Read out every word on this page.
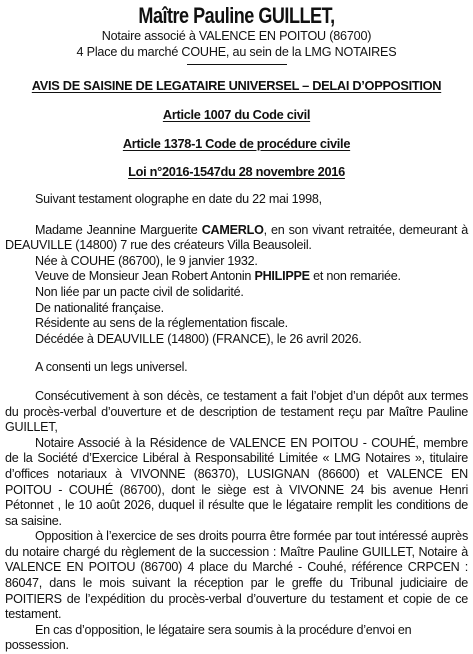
Maître Pauline GUILLET,
Notaire associé à VALENCE EN POITOU (86700)
4 Place du marché COUHE, au sein de la LMG NOTAIRES
AVIS DE SAISINE DE LEGATAIRE UNIVERSEL – DELAI D’OPPOSITION
Article 1007 du Code civil
Article 1378-1 Code de procédure civile
Loi n°2016-1547du 28 novembre 2016
Suivant testament olographe en date du 22 mai 1998,
Madame Jeannine Marguerite CAMERLO, en son vivant retraitée, demeurant à DEAUVILLE (14800) 7 rue des créateurs Villa Beausoleil.
Née à COUHE (86700), le 9 janvier 1932.
Veuve de Monsieur Jean Robert Antonin PHILIPPE et non remariée.
Non liée par un pacte civil de solidarité.
De nationalité française.
Résidente au sens de la réglementation fiscale.
Décédée à DEAUVILLE (14800) (FRANCE), le 26 avril 2026.
A consenti un legs universel.
Consécutivement à son décès, ce testament a fait l’objet d’un dépôt aux termes du procès-verbal d’ouverture et de description de testament reçu par Maître Pauline GUILLET,
Notaire Associé à la Résidence de VALENCE EN POITOU - COUHÉ, membre de la Société d’Exercice Libéral à Responsabilité Limitée « LMG Notaires », titulaire d’offices notariaux à VIVONNE (86370), LUSIGNAN (86600) et VALENCE EN POITOU - COUHÉ (86700), dont le siège est à VIVONNE 24 bis avenue Henri Pétonnet , le 10 août 2026, duquel il résulte que le légataire remplit les conditions de sa saisine.
Opposition à l’exercice de ses droits pourra être formée par tout intéressé auprès du notaire chargé du règlement de la succession : Maître Pauline GUILLET, Notaire à VALENCE EN POITOU (86700) 4 place du Marché - Couhé, référence CRPCEN : 86047, dans le mois suivant la réception par le greffe du Tribunal judiciaire de POITIERS de l’expédition du procès-verbal d’ouverture du testament et copie de ce testament.
En cas d’opposition, le légataire sera soumis à la procédure d’envoi en possession.
